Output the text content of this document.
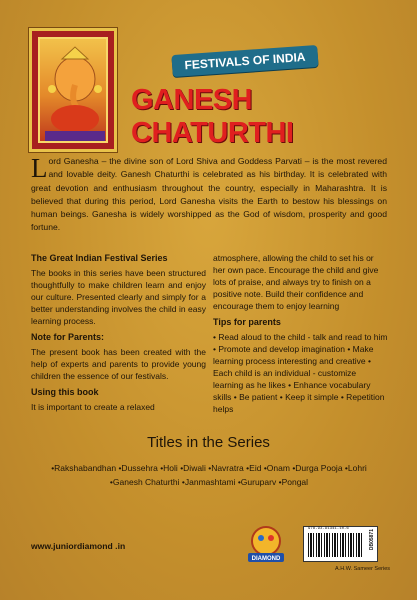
FESTIVALS OF INDIA
GANESH CHATURTHI
Lord Ganesha – the divine son of Lord Shiva and Goddess Parvati – is the most revered and lovable deity. Ganesh Chaturthi is celebrated as his birthday. It is celebrated with great devotion and enthusiasm throughout the country, especially in Maharashtra. It is believed that during this period, Lord Ganesha visits the Earth to bestow his blessings on human beings. Ganesha is widely worshipped as the God of wisdom, prosperity and good fortune.
The Great Indian Festival Series

The books in this series have been structured thoughtfully to make children learn and enjoy our culture. Presented clearly and simply for a better understanding involves the child in easy learning process.

Note for Parents:

The present book has been created with the help of experts and parents to provide young children the essence of our festivals.

Using this book

It is important to create a relaxed

atmosphere, allowing the child to set his or her own pace. Encourage the child and give lots of praise, and always try to finish on a positive note. Build their confidence and encourage them to enjoy learning

Tips for parents

• Read aloud to the child - talk and read to him • Promote and develop imagination • Make learning process interesting and creative • Each child is an individual - customize learning as he likes • Enhance vocabulary skills • Be patient • Keep it simple • Repetition helps

Titles in the Series
•Rakshabandhan •Dussehra •Holi •Diwali •Navratra •Eid •Onam •Durga Pooja •Lohri •Ganesh Chaturthi •Janmashtami •Guruparv •Pongal
www.juniordiamond .in
DIAMOND
978-93-91341-10-6	DB05871
A.H.W. Sameer Series
